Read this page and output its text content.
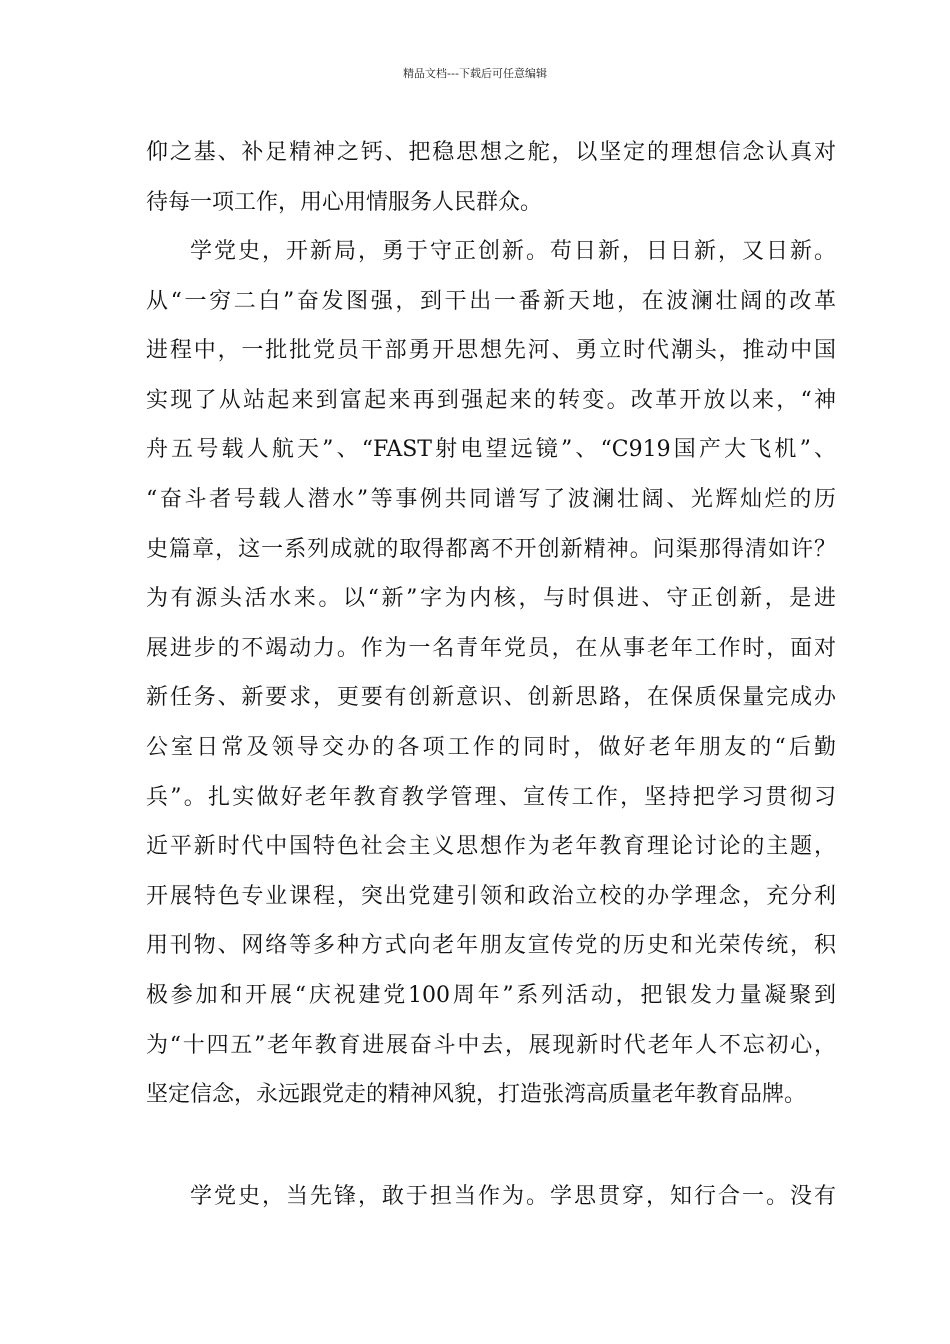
精品文档---下载后可任意编辑
仰之基、补足精神之钙、把稳思想之舵，以坚定的理想信念认真对
待每一项工作，用心用情服务人民群众。
学党史，开新局，勇于守正创新。苟日新，日日新，又日新。
从“一穷二白”奋发图强，到干出一番新天地，在波澜壮阔的改革
进程中，一批批党员干部勇开思想先河、勇立时代潮头，推动中国
实现了从站起来到富起来再到强起来的转变。改革开放以来，“神
舟五号载人航天”、“FAST射电望远镜”、“C919国产大飞机”、
“奋斗者号载人潜水”等事例共同谱写了波澜壮阔、光辉灿烂的历
史篇章，这一系列成就的取得都离不开创新精神。问渠那得清如许？
为有源头活水来。以“新”字为内核，与时俱进、守正创新，是进
展进步的不竭动力。作为一名青年党员，在从事老年工作时，面对
新任务、新要求，更要有创新意识、创新思路，在保质保量完成办
公室日常及领导交办的各项工作的同时，做好老年朋友的“后勤
兵”。扎实做好老年教育教学管理、宣传工作，坚持把学习贯彻习
近平新时代中国特色社会主义思想作为老年教育理论讨论的主题，
开展特色专业课程，突出党建引领和政治立校的办学理念，充分利
用刊物、网络等多种方式向老年朋友宣传党的历史和光荣传统，积
极参加和开展“庆祝建党100周年”系列活动，把银发力量凝聚到
为“十四五”老年教育进展奋斗中去，展现新时代老年人不忘初心，
坚定信念，永远跟党走的精神风貌，打造张湾高质量老年教育品牌。
学党史，当先锋，敢于担当作为。学思贯穿，知行合一。没有
